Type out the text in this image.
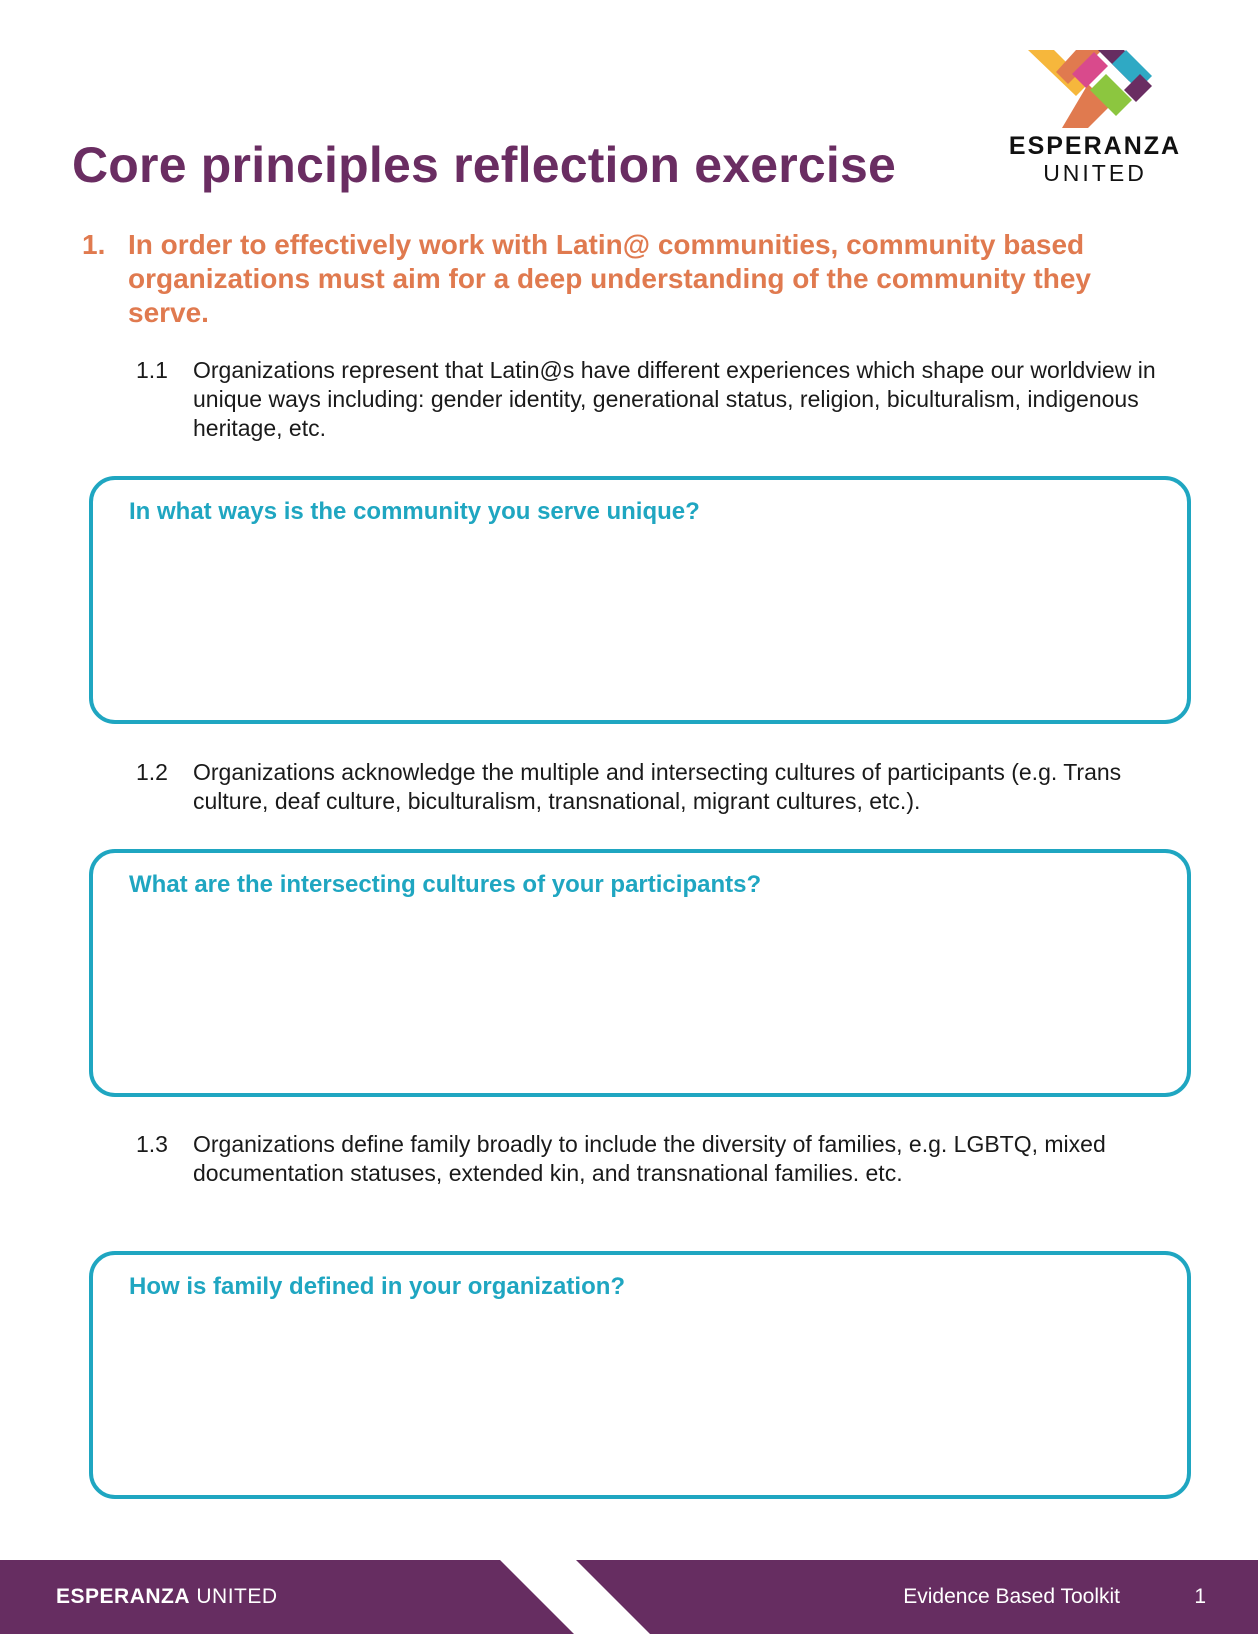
Core principles reflection exercise	ESPERANZA
UNITED
1. In order to effectively work with Latin@ communities, community based organizations must aim for a deep understanding of the community they serve.
1.1 Organizations represent that Latin@s have different experiences which shape our worldview in unique ways including: gender identity, generational status, religion, biculturalism, indigenous heritage, etc.
In what ways is the community you serve unique?
1.2 Organizations acknowledge the multiple and intersecting cultures of participants (e.g. Trans culture, deaf culture, biculturalism, transnational, migrant cultures, etc.).
What are the intersecting cultures of your participants?
1.3 Organizations define family broadly to include the diversity of families, e.g. LGBTQ, mixed documentation statuses, extended kin, and transnational families. etc.
How is family defined in your organization?
ESPERANZA UNITED	Evidence Based Toolkit	1
